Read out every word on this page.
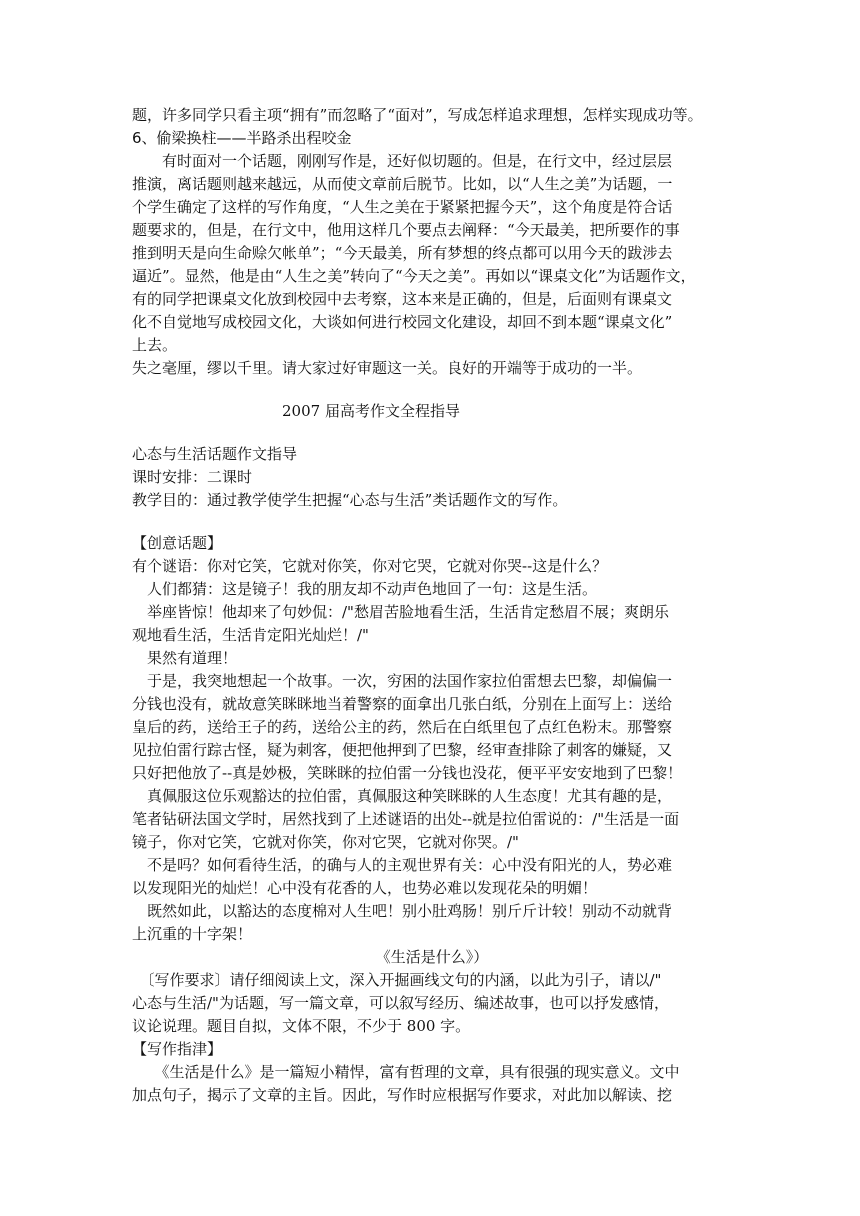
题，许多同学只看主项“拥有”而忽略了“面对”，写成怎样追求理想，怎样实现成功等。
6、偷梁换柱——半路杀出程咬金
　　有时面对一个话题，刚刚写作是，还好似切题的。但是，在行文中，经过层层
推演，离话题则越来越远，从而使文章前后脱节。比如，以“人生之美”为话题，一
个学生确定了这样的写作角度，“人生之美在于紧紧把握今天”，这个角度是符合话
题要求的，但是，在行文中，他用这样几个要点去阐释：“今天最美，把所要作的事
推到明天是向生命赊欠帐单”；“今天最美，所有梦想的终点都可以用今天的跋涉去
逼近”。显然，他是由“人生之美”转向了“今天之美”。再如以“课桌文化”为话题作文，
有的同学把课桌文化放到校园中去考察，这本来是正确的，但是，后面则有课桌文
化不自觉地写成校园文化，大谈如何进行校园文化建设，却回不到本题“课桌文化”
上去。
失之毫厘，缪以千里。请大家过好审题这一关。良好的开端等于成功的一半。
　　　　　　　　　　2007 届高考作文全程指导
心态与生活话题作文指导
课时安排：二课时
教学目的：通过教学使学生把握“心态与生活”类话题作文的写作。
【创意话题】
有个谜语：你对它笑，它就对你笑，你对它哭，它就对你哭--这是什么？
　人们都猜：这是镜子！我的朋友却不动声色地回了一句：这是生活。
　举座皆惊！他却来了句妙侃：/"愁眉苦脸地看生活，生活肯定愁眉不展；爽朗乐
观地看生活，生活肯定阳光灿烂！/"
　果然有道理！
　于是，我突地想起一个故事。一次，穷困的法国作家拉伯雷想去巴黎，却偏偏一
分钱也没有，就故意笑眯眯地当着警察的面拿出几张白纸，分别在上面写上：送给
皇后的药，送给王子的药，送给公主的药，然后在白纸里包了点红色粉末。那警察
见拉伯雷行踪古怪，疑为刺客，便把他押到了巴黎，经审查排除了刺客的嫌疑，又
只好把他放了--真是妙极，笑眯眯的拉伯雷一分钱也没花，便平平安安地到了巴黎！
　真佩服这位乐观豁达的拉伯雷，真佩服这种笑眯眯的人生态度！尤其有趣的是，
笔者钻研法国文学时，居然找到了上述谜语的出处--就是拉伯雷说的：/"生活是一面
镜子，你对它笑，它就对你笑，你对它哭，它就对你哭。/"
　不是吗？如何看待生活，的确与人的主观世界有关：心中没有阳光的人，势必难
以发现阳光的灿烂！心中没有花香的人，也势必难以发现花朵的明媚！
　既然如此，以豁达的态度棉对人生吧！别小肚鸡肠！别斤斤计较！别动不动就背
上沉重的十字架！
《生活是什么》）
　〔写作要求〕请仔细阅读上文，深入开掘画线文句的内涵，以此为引子，请以/"
心态与生活/"为话题，写一篇文章，可以叙写经历、编述故事，也可以抒发感情，
议论说理。题目自拟，文体不限，不少于 800 字。
【写作指津】
　　《生活是什么》是一篇短小精悍，富有哲理的文章，具有很强的现实意义。文中
加点句子，揭示了文章的主旨。因此，写作时应根据写作要求，对此加以解读、挖
